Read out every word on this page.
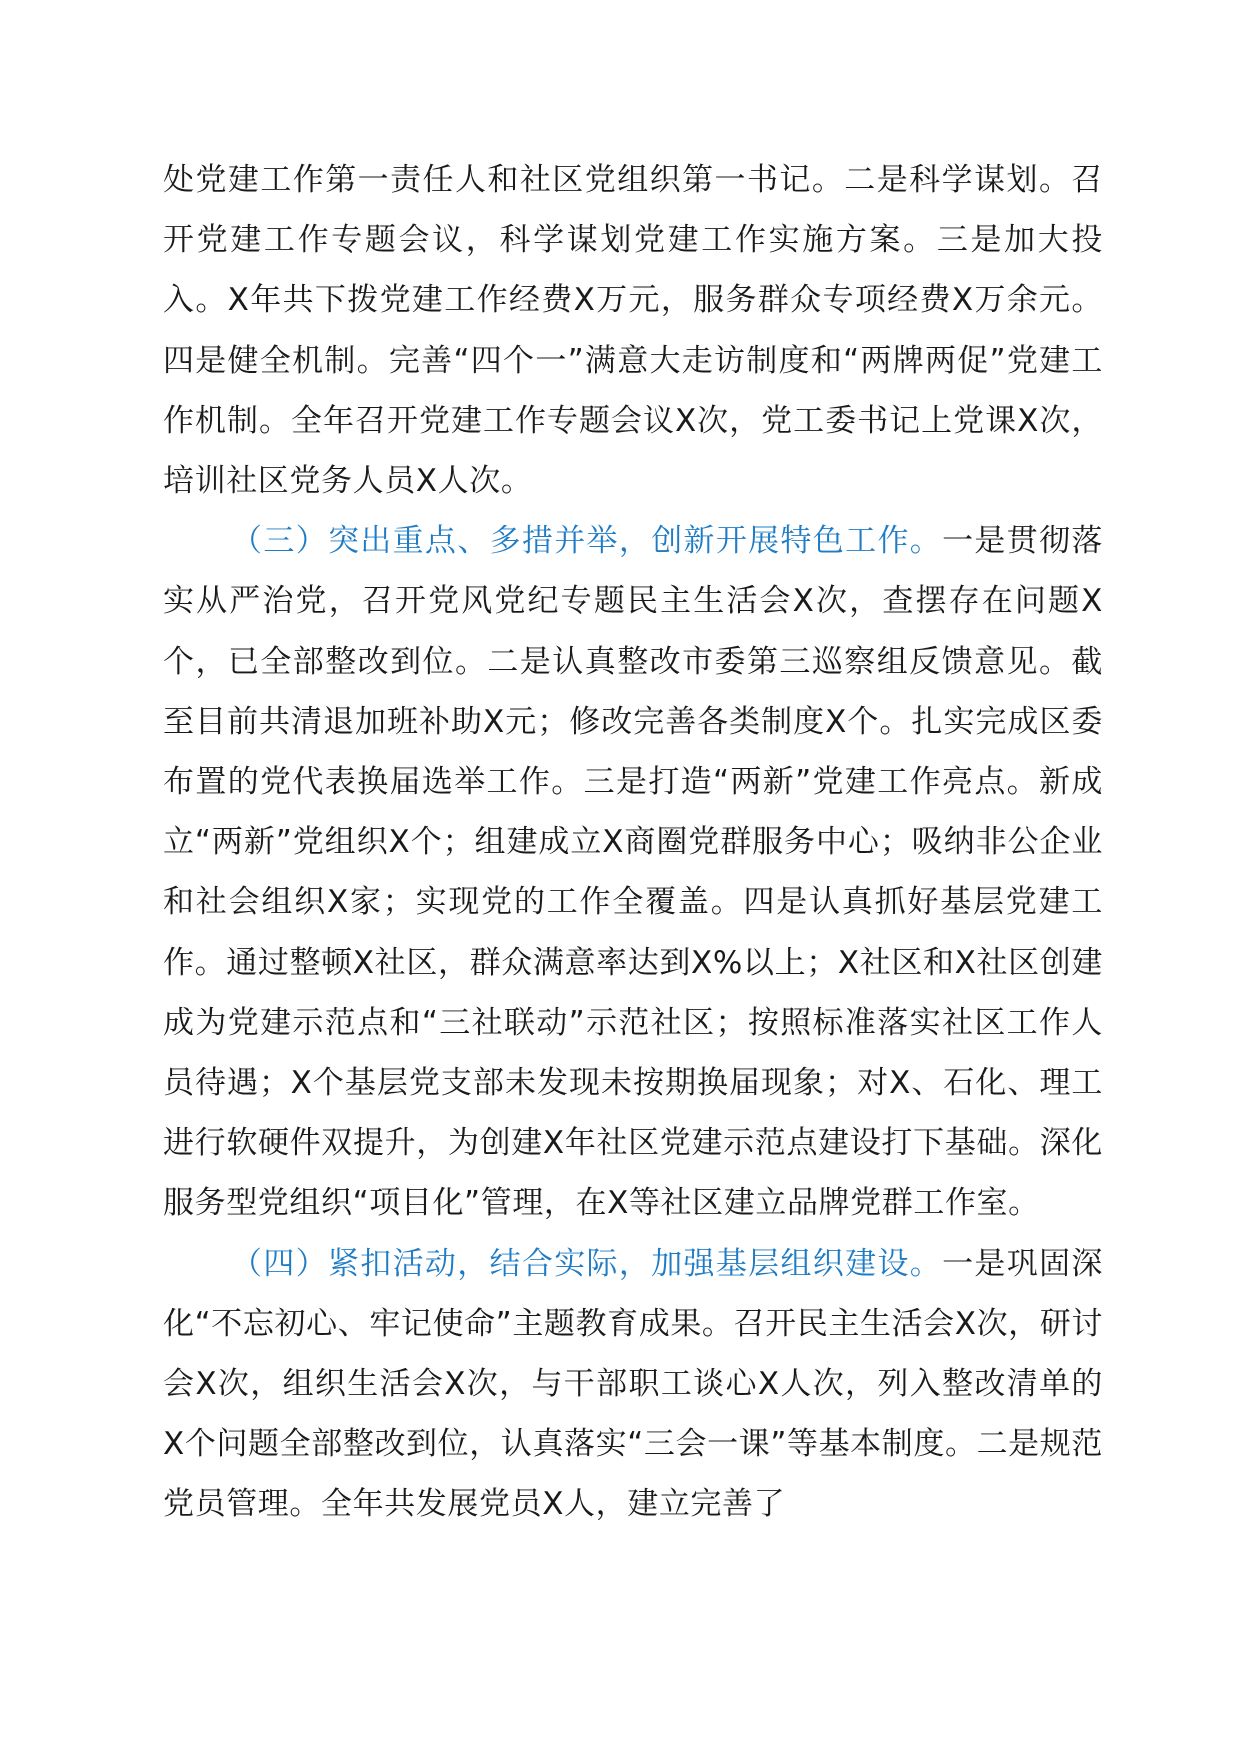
处党建工作第一责任人和社区党组织第一书记。二是科学谋划。召开党建工作专题会议，科学谋划党建工作实施方案。三是加大投入。X年共下拨党建工作经费X万元，服务群众专项经费X万余元。四是健全机制。完善“四个一”满意大走访制度和“两牌两促”党建工作机制。全年召开党建工作专题会议X次，党工委书记上党课X次，培训社区党务人员X人次。

（三）突出重点、多措并举，创新开展特色工作。一是贯彻落实从严治党，召开党风党纪专题民主生活会X次，查摆存在问题X个，已全部整改到位。二是认真整改市委第三巡察组反馈意见。截至目前共清退加班补助X元；修改完善各类制度X个。扎实完成区委布置的党代表换届选举工作。三是打造“两新”党建工作亮点。新成立“两新”党组织X个；组建成立X商圈党群服务中心；吸纳非公企业和社会组织X家；实现党的工作全覆盖。四是认真抓好基层党建工作。通过整顿X社区，群众满意率达到X%以上；X社区和X社区创建成为党建示范点和“三社联动”示范社区；按照标准落实社区工作人员待遇；X个基层党支部未发现未按期换届现象；对X、石化、理工进行软硬件双提升，为创建X年社区党建示范点建设打下基础。深化服务型党组织“项目化”管理，在X等社区建立品牌党群工作室。

（四）紧扣活动，结合实际，加强基层组织建设。一是巩固深化“不忘初心、牢记使命”主题教育成果。召开民主生活会X次，研讨会X次，组织生活会X次，与干部职工谈心X人次，列入整改清单的X个问题全部整改到位，认真落实“三会一课”等基本制度。二是规范党员管理。全年共发展党员X人，建立完善了
